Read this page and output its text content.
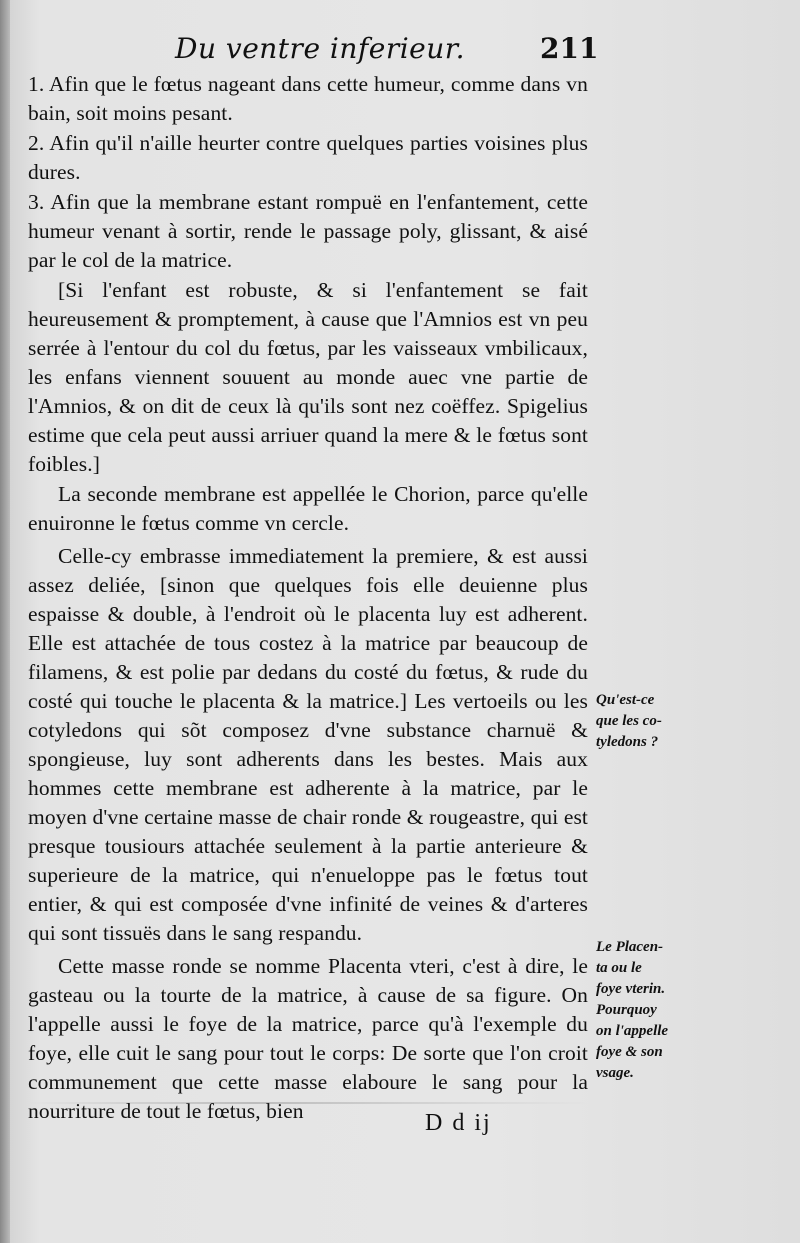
Du ventre inferieur.	211

1. Afin que le fœtus nageant dans cette humeur, comme dans vn bain, soit moins pesant.

2. Afin qu'il n'aille heurter contre quelques parties voisines plus dures.

3. Afin que la membrane estant rompuë en l'enfantement, cette humeur venant à sortir, rende le passage poly, glissant, & aisé par le col de la matrice.

[Si l'enfant est robuste, & si l'enfantement se fait heureusement & promptement, à cause que l'Amnios est vn peu serrée à l'entour du col du fœtus, par les vaisseaux vmbilicaux, les enfans viennent souuent au monde auec vne partie de l'Amnios, & on dit de ceux là qu'ils sont nez coëffez. Spigelius estime que cela peut aussi arriuer quand la mere & le fœtus sont foibles.]

La seconde membrane est appellée le Chorion, parce qu'elle enuironne le fœtus comme vn cercle.

Celle-cy embrasse immediatement la premiere, & est aussi assez deliée, [sinon que quelques fois elle deuienne plus espaisse & double, à l'endroit où le placenta luy est adherent. Elle est attachée de tous costez à la matrice par beaucoup de filamens, & est polie par dedans du costé du fœtus, & rude du costé qui touche le placenta & la matrice.] Les vertoeils ou les cotyledons qui sõt composez d'vne substance charnuë & spongieuse, luy sont adherents dans les bestes. Mais aux hommes cette membrane est adherente à la matrice, par le moyen d'vne certaine masse de chair ronde & rougeastre, qui est presque tousiours attachée seulement à la partie anterieure & superieure de la matrice, qui n'enueloppe pas le fœtus tout entier, & qui est composée d'vne infinité de veines & d'arteres qui sont tissuës dans le sang respandu.

Cette masse ronde se nomme Placenta vteri, c'est à dire, le gasteau ou la tourte de la matrice, à cause de sa figure. On l'appelle aussi le foye de la matrice, parce qu'à l'exemple du foye, elle cuit le sang pour tout le corps: De sorte que l'on croit communement que cette masse elaboure le sang pour la nourriture de tout le fœtus, bien

Qu'est-ce
que les co-
tyledons ?
Le Placen-
ta ou le
foye vterin.
Pourquoy
on l'appelle
foye & son
vsage.
D d ij
